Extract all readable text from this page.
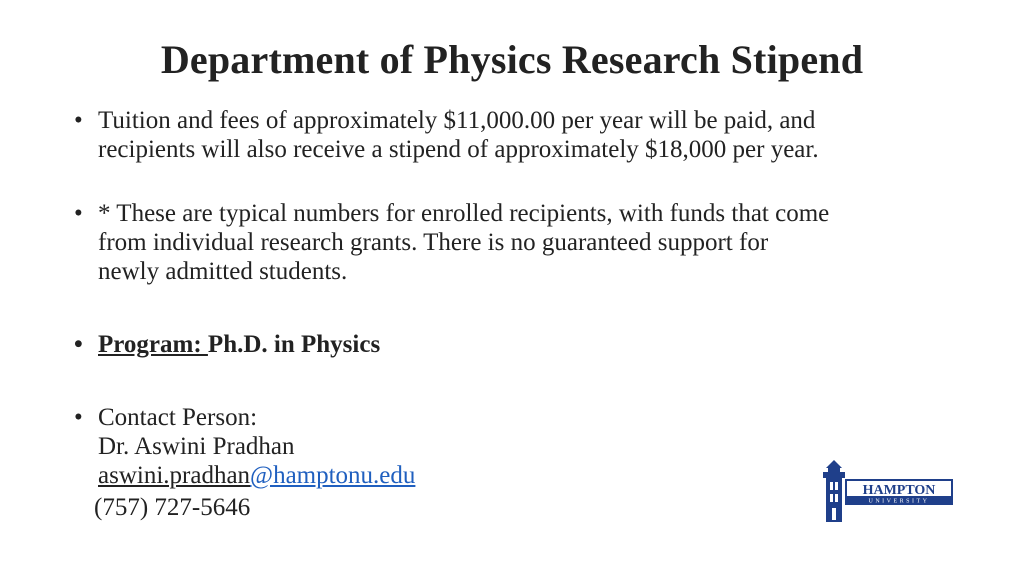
Department of Physics Research Stipend
• Tuition and fees of approximately $11,000.00 per year will be paid, and
recipients will also receive a stipend of approximately $18,000 per year.
• * These are typical numbers for enrolled recipients, with funds that come
from individual research grants. There is no guaranteed support for
newly admitted students.
• Program: Ph.D. in Physics
• Contact Person:
Dr. Aswini Pradhan
aswini.pradhan@hamptonu.edu
(757) 727-5646
HAMPTON
UNIVERSITY
